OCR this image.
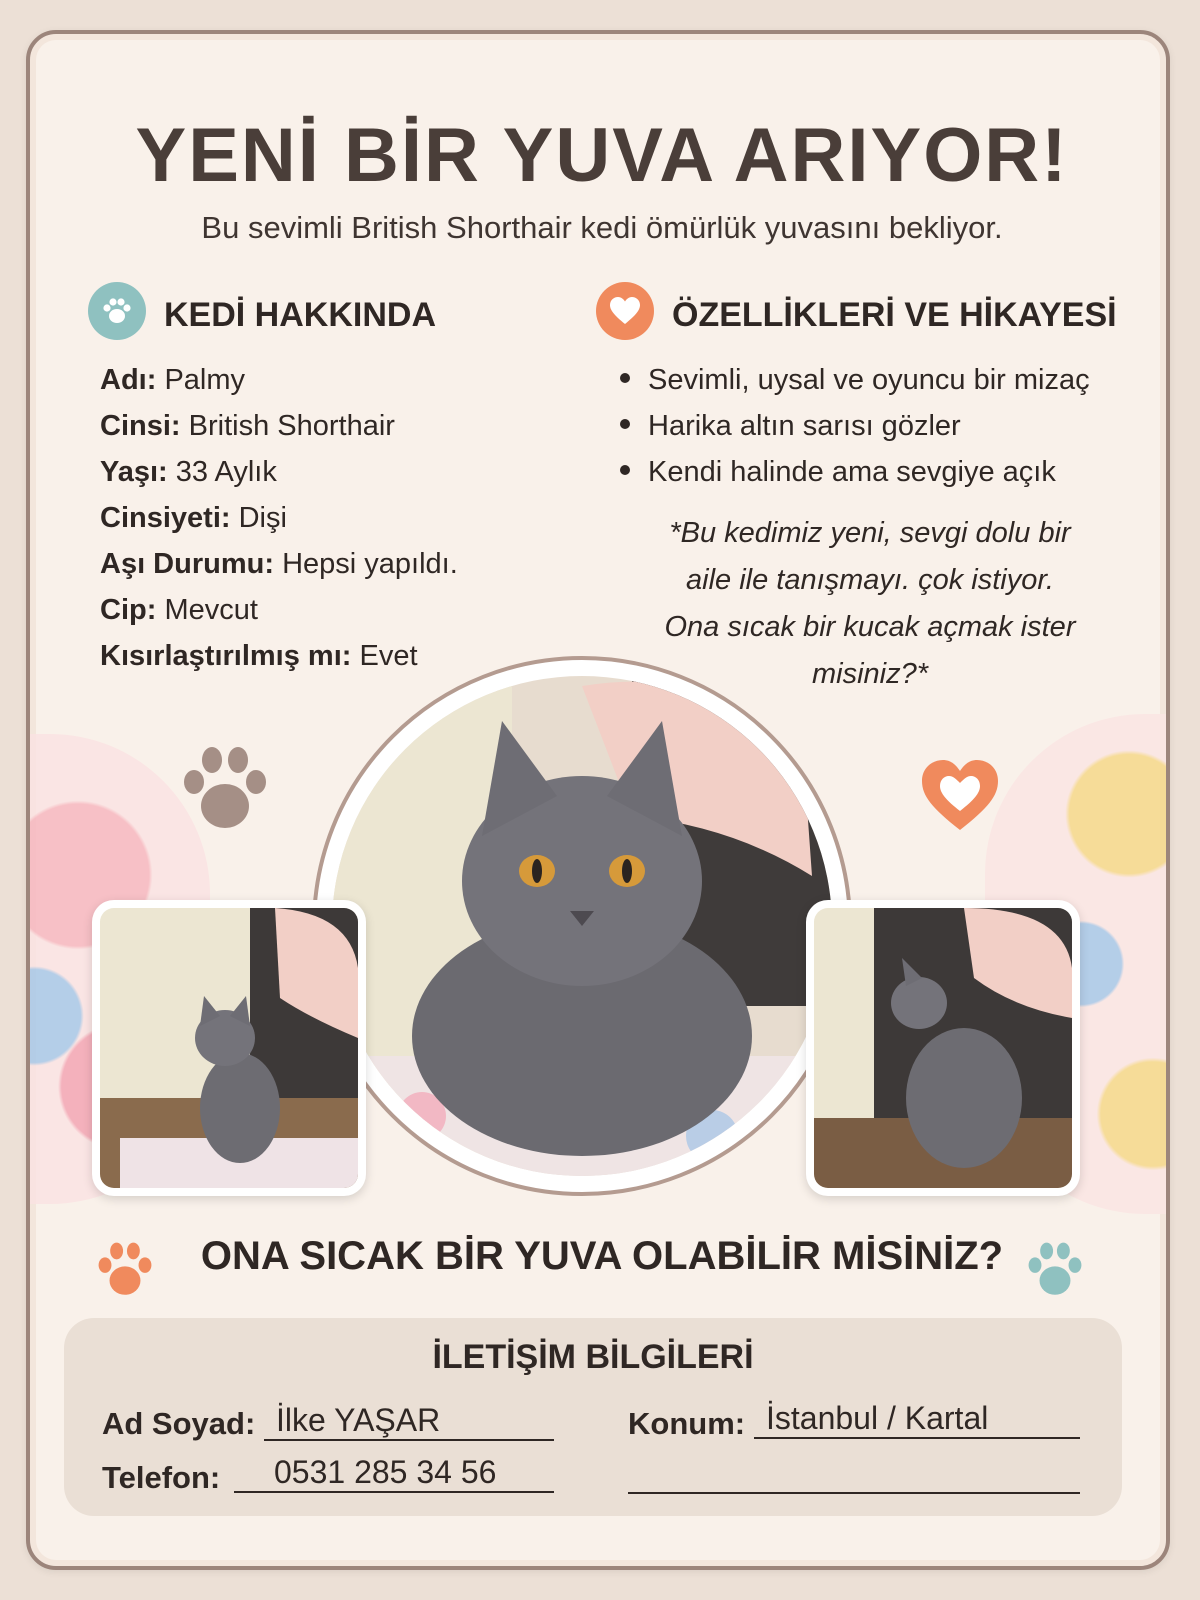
YENİ BİR YUVA ARIYOR!
Bu sevimli British Shorthair kedi ömürlük yuvasını bekliyor.
KEDİ HAKKINDA	ÖZELLİKLERİ VE HİKAYESİ
Adı: Palmy
Cinsi: British Shorthair
Yaşı: 33 Aylık
Cinsiyeti: Dişi
Aşı Durumu: Hepsi yapıldı.
Cip: Mevcut
Kısırlaştırılmış mı: Evet
Sevimli, uysal ve oyuncu bir mizaç
Harika altın sarısı gözler
Kendi halinde ama sevgiye açık
*Bu kedimiz yeni, sevgi dolu bir
aile ile tanışmayı. çok istiyor.
Ona sıcak bir kucak açmak ister
misiniz?*
ONA SICAK BİR YUVA OLABİLİR MİSİNİZ?
İLETİŞİM BİLGİLERİ
Ad Soyad: İlke YAŞAR
Telefon:	0531 285 34 56
Konum: İstanbul / Kartal
